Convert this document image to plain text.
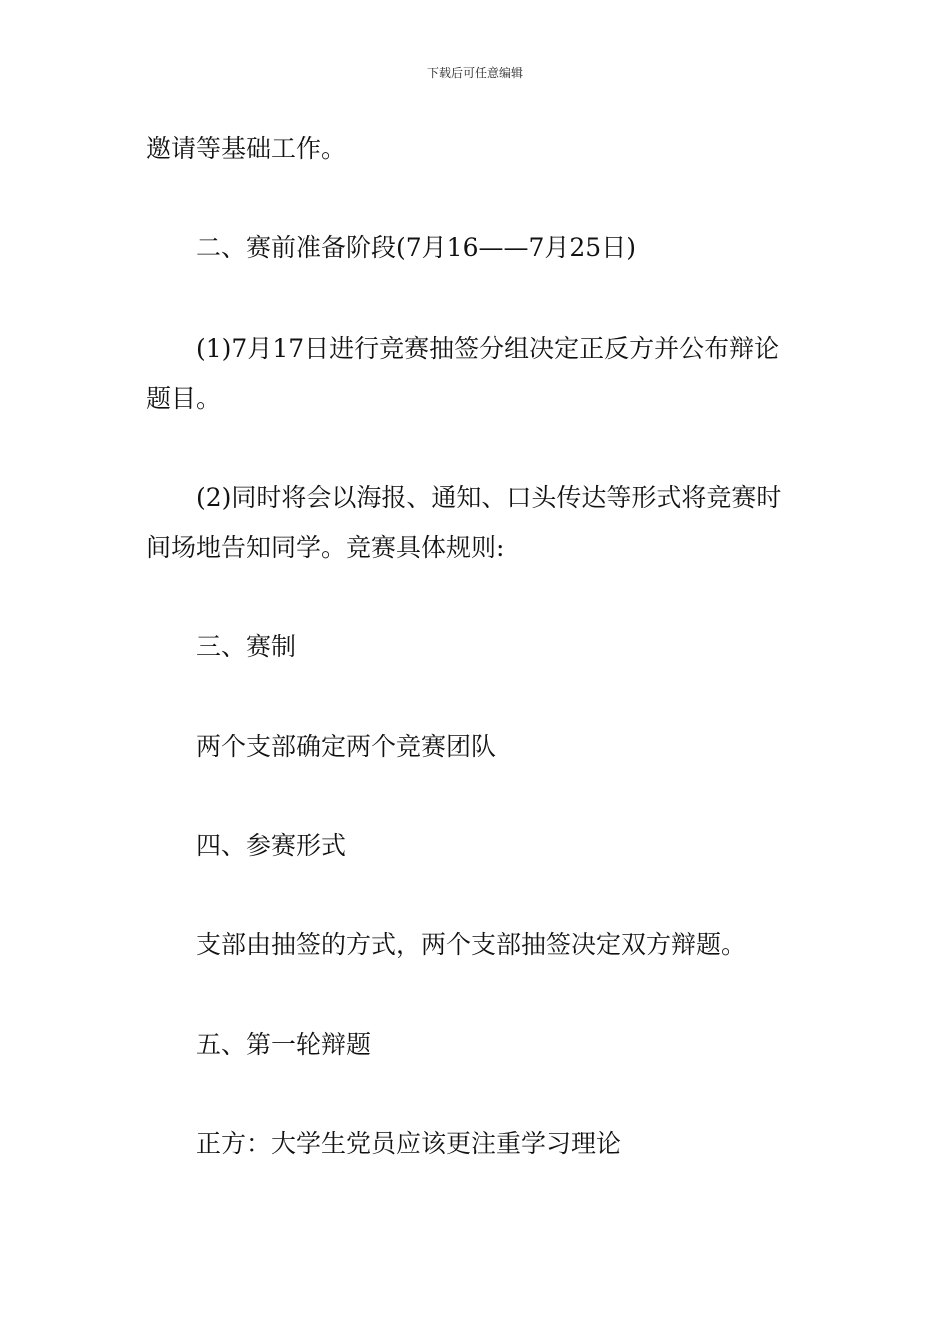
下载后可任意编辑

邀请等基础工作。

二、赛前准备阶段(7月16——7月25日)

(1)7月17日进行竞赛抽签分组决定正反方并公布辩论

题目。

(2)同时将会以海报、通知、口头传达等形式将竞赛时

间场地告知同学。竞赛具体规则:

三、赛制

两个支部确定两个竞赛团队

四、参赛形式

支部由抽签的方式，两个支部抽签决定双方辩题。

五、第一轮辩题

正方：大学生党员应该更注重学习理论
